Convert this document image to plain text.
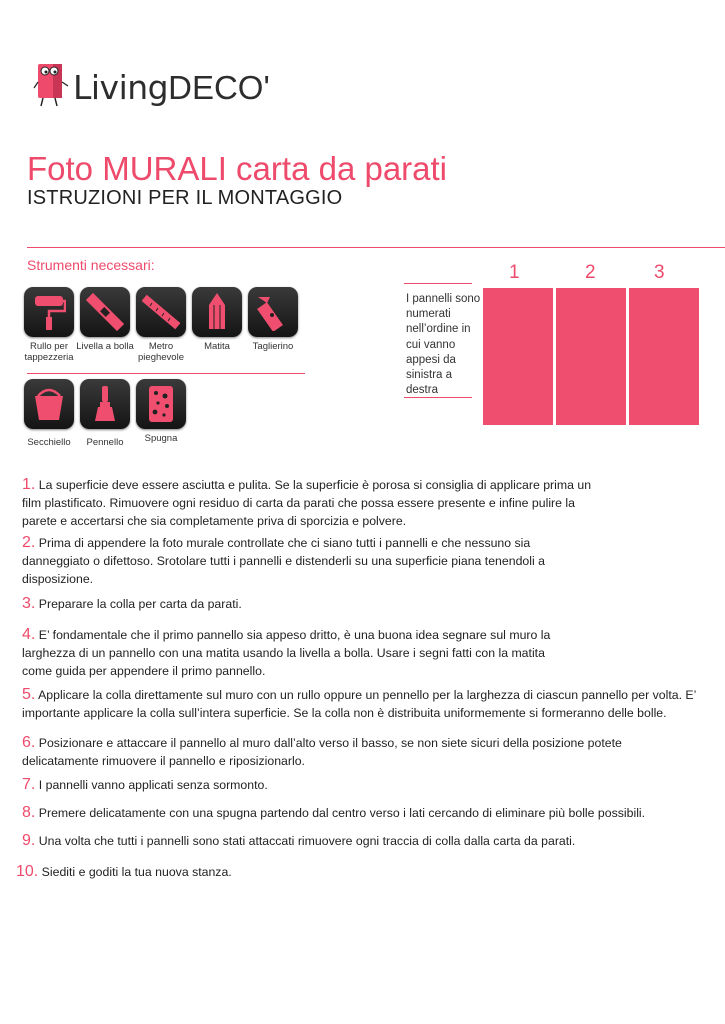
LivingDECO'
Foto MURALI carta da parati
ISTRUZIONI PER IL MONTAGGIO
Strumenti necessari:
Rullo per tappezzeria
Livella a bolla	Metro pieghevole
Matita	Taglierino
Secchiello	Pennello	Spugna
1	2	3
I pannelli sono numerati nell’ordine in cui vanno appesi da sinistra a destra
1. La superficie deve essere asciutta e pulita. Se la superficie è porosa si consiglia di applicare prima un film plastificato. Rimuovere ogni residuo di carta da parati che possa essere presente e infine pulire la parete e accertarsi che sia completamente priva di sporcizia e polvere.
2. Prima di appendere la foto murale controllate che ci siano tutti i pannelli e che nessuno sia danneggiato o difettoso. Srotolare tutti i pannelli e distenderli su una superficie piana tenendoli a disposizione.
3. Preparare la colla per carta da parati.
4. E’ fondamentale che il primo pannello sia appeso dritto, è una buona idea segnare sul muro la larghezza di un pannello con una matita usando la livella a bolla. Usare i segni fatti con la matita come guida per appendere il primo pannello.
5. Applicare la colla direttamente sul muro con un rullo oppure un pennello per la larghezza di ciascun pannello per volta. E’ importante applicare la colla sull’intera superficie. Se la colla non è distribuita uniformemente si formeranno delle bolle.
6. Posizionare e attaccare il pannello al muro dall’alto verso il basso, se non siete sicuri della posizione potete delicatamente rimuovere il pannello e riposizionarlo.
7. I pannelli vanno applicati senza sormonto.
8. Premere delicatamente con una spugna partendo dal centro verso i lati cercando di eliminare più bolle possibili.
9. Una volta che tutti i pannelli sono stati attaccati rimuovere ogni traccia di colla dalla carta da parati.
10. Siediti e goditi la tua nuova stanza.
